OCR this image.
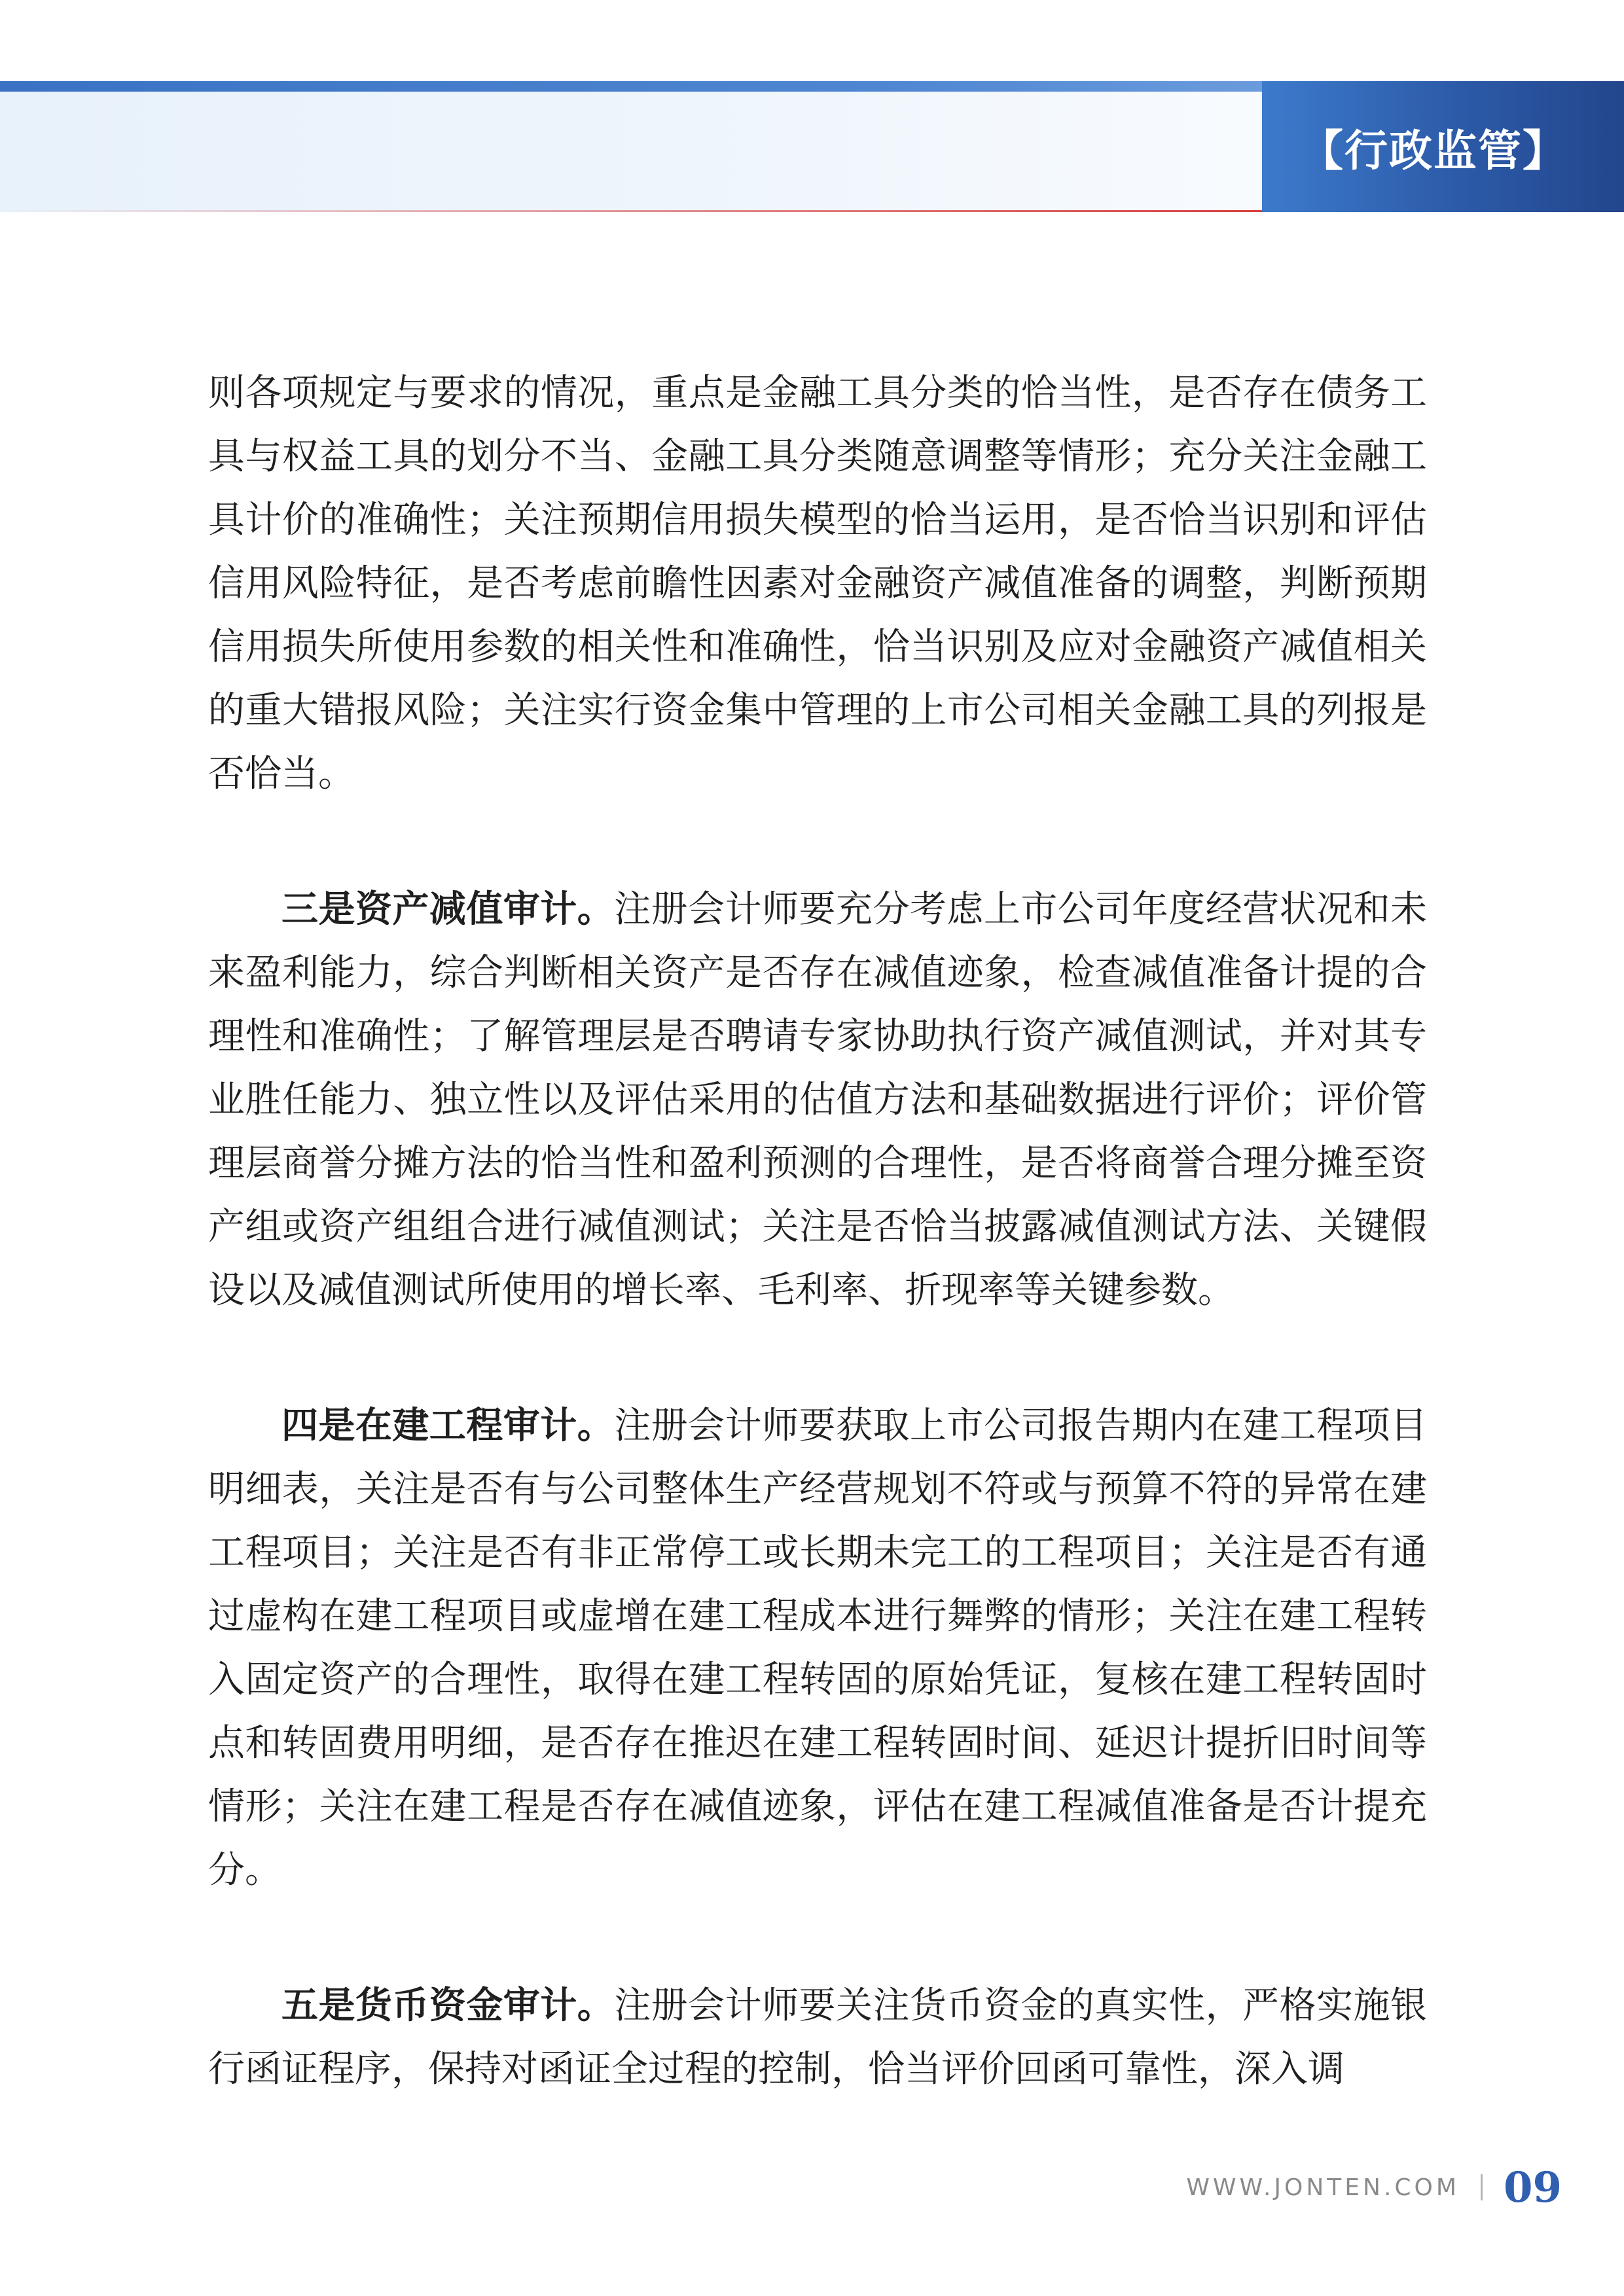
【行政监管】

则各项规定与要求的情况，重点是金融工具分类的恰当性，是否存在债务工具与权益工具的划分不当、金融工具分类随意调整等情形；充分关注金融工具计价的准确性；关注预期信用损失模型的恰当运用，是否恰当识别和评估信用风险特征，是否考虑前瞻性因素对金融资产减值准备的调整，判断预期信用损失所使用参数的相关性和准确性，恰当识别及应对金融资产减值相关的重大错报风险；关注实行资金集中管理的上市公司相关金融工具的列报是否恰当。

三是资产减值审计。注册会计师要充分考虑上市公司年度经营状况和未来盈利能力，综合判断相关资产是否存在减值迹象，检查减值准备计提的合理性和准确性；了解管理层是否聘请专家协助执行资产减值测试，并对其专业胜任能力、独立性以及评估采用的估值方法和基础数据进行评价；评价管理层商誉分摊方法的恰当性和盈利预测的合理性，是否将商誉合理分摊至资产组或资产组组合进行减值测试；关注是否恰当披露减值测试方法、关键假设以及减值测试所使用的增长率、毛利率、折现率等关键参数。

四是在建工程审计。注册会计师要获取上市公司报告期内在建工程项目明细表，关注是否有与公司整体生产经营规划不符或与预算不符的异常在建工程项目；关注是否有非正常停工或长期未完工的工程项目；关注是否有通过虚构在建工程项目或虚增在建工程成本进行舞弊的情形；关注在建工程转入固定资产的合理性，取得在建工程转固的原始凭证，复核在建工程转固时点和转固费用明细，是否存在推迟在建工程转固时间、延迟计提折旧时间等情形；关注在建工程是否存在减值迹象，评估在建工程减值准备是否计提充分。

五是货币资金审计。注册会计师要关注货币资金的真实性，严格实施银行函证程序，保持对函证全过程的控制，恰当评价回函可靠性，深入调

WWW.JONTEN.COM 09
